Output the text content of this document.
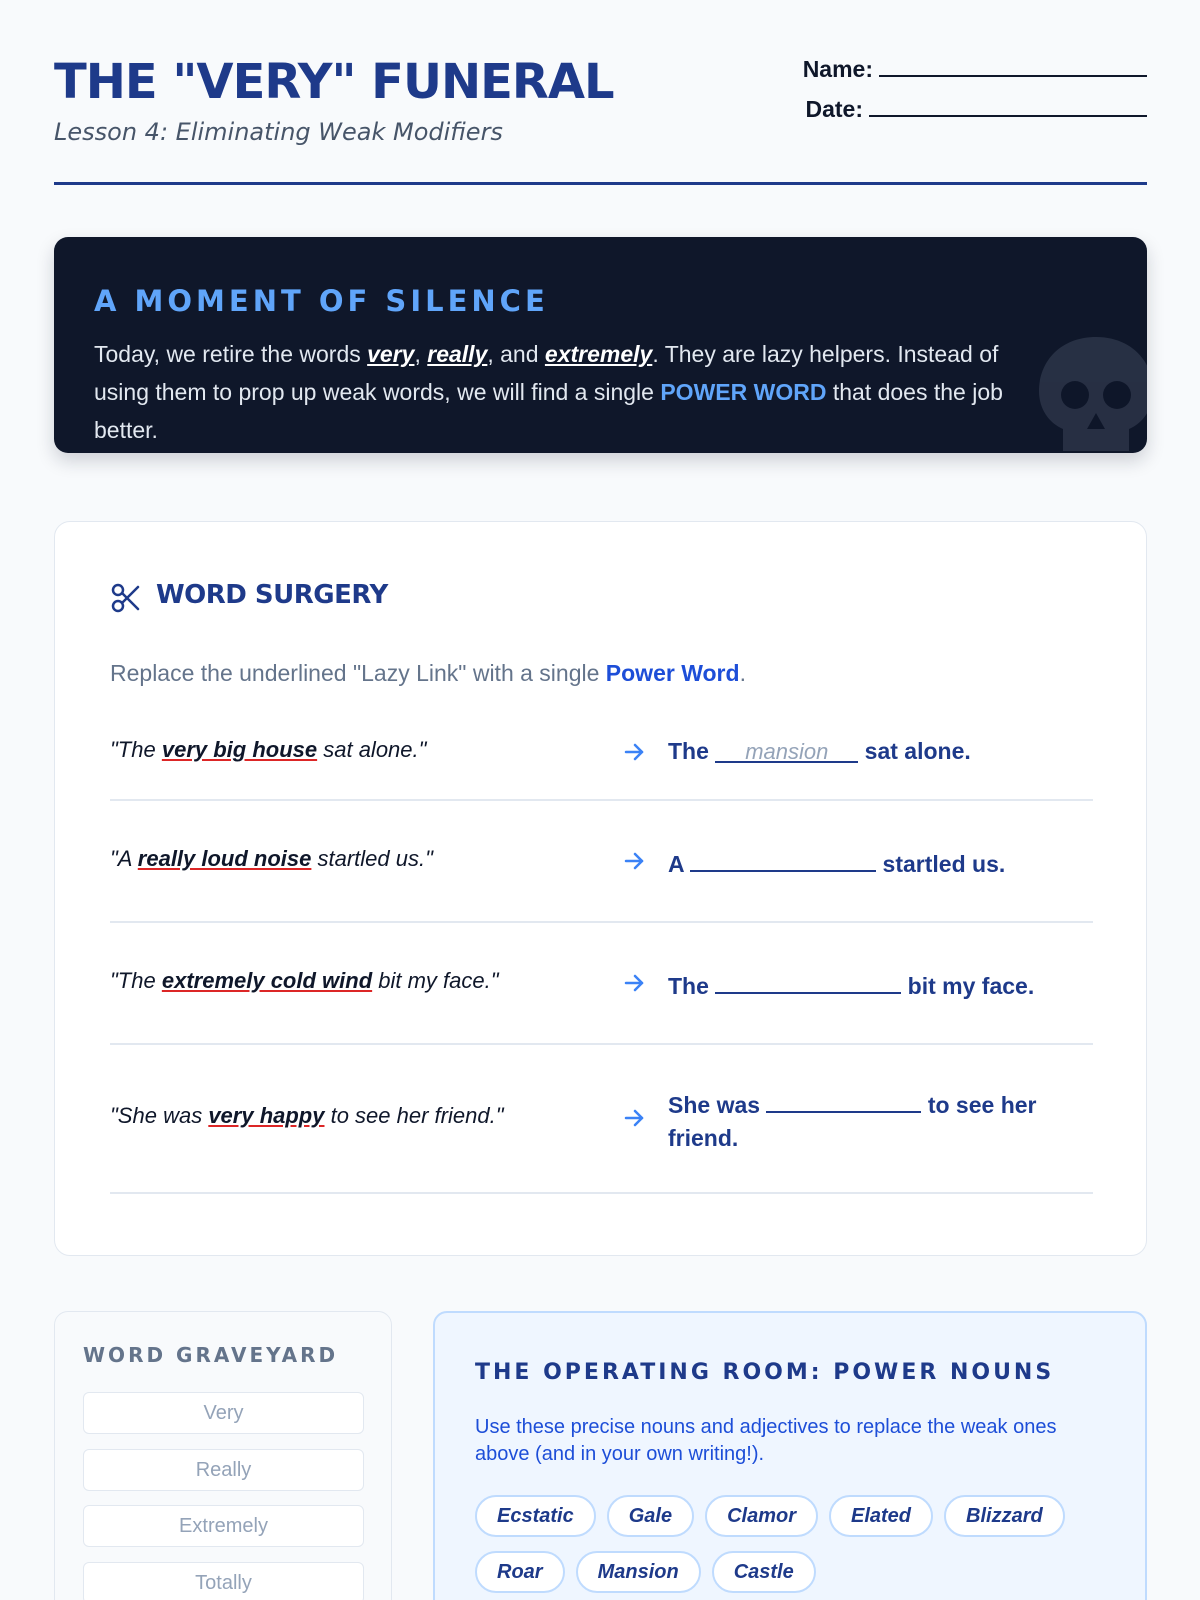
THE "VERY" FUNERAL
Lesson 4: Eliminating Weak Modifiers
Name:
Date:
A MOMENT OF SILENCE
Today, we retire the words very, really, and extremely. They are lazy helpers. Instead of using them to prop up weak words, we will find a single POWER WORD that does the job better.
WORD SURGERY
Replace the underlined "Lazy Link" with a single Power Word.
"The very big house sat alone."	The mansion sat alone.
"A really loud noise startled us."	A	startled us.
"The extremely cold wind bit my face."	The	bit my face.
"She was very happy to see her friend."	She was	to see her friend.
WORD GRAVEYARD
Very
Really
Extremely
Totally
THE OPERATING ROOM: POWER NOUNS
Use these precise nouns and adjectives to replace the weak ones above (and in your own writing!).
Ecstatic	Gale	Clamor	Elated	Blizzard
Roar	Mansion	Castle
